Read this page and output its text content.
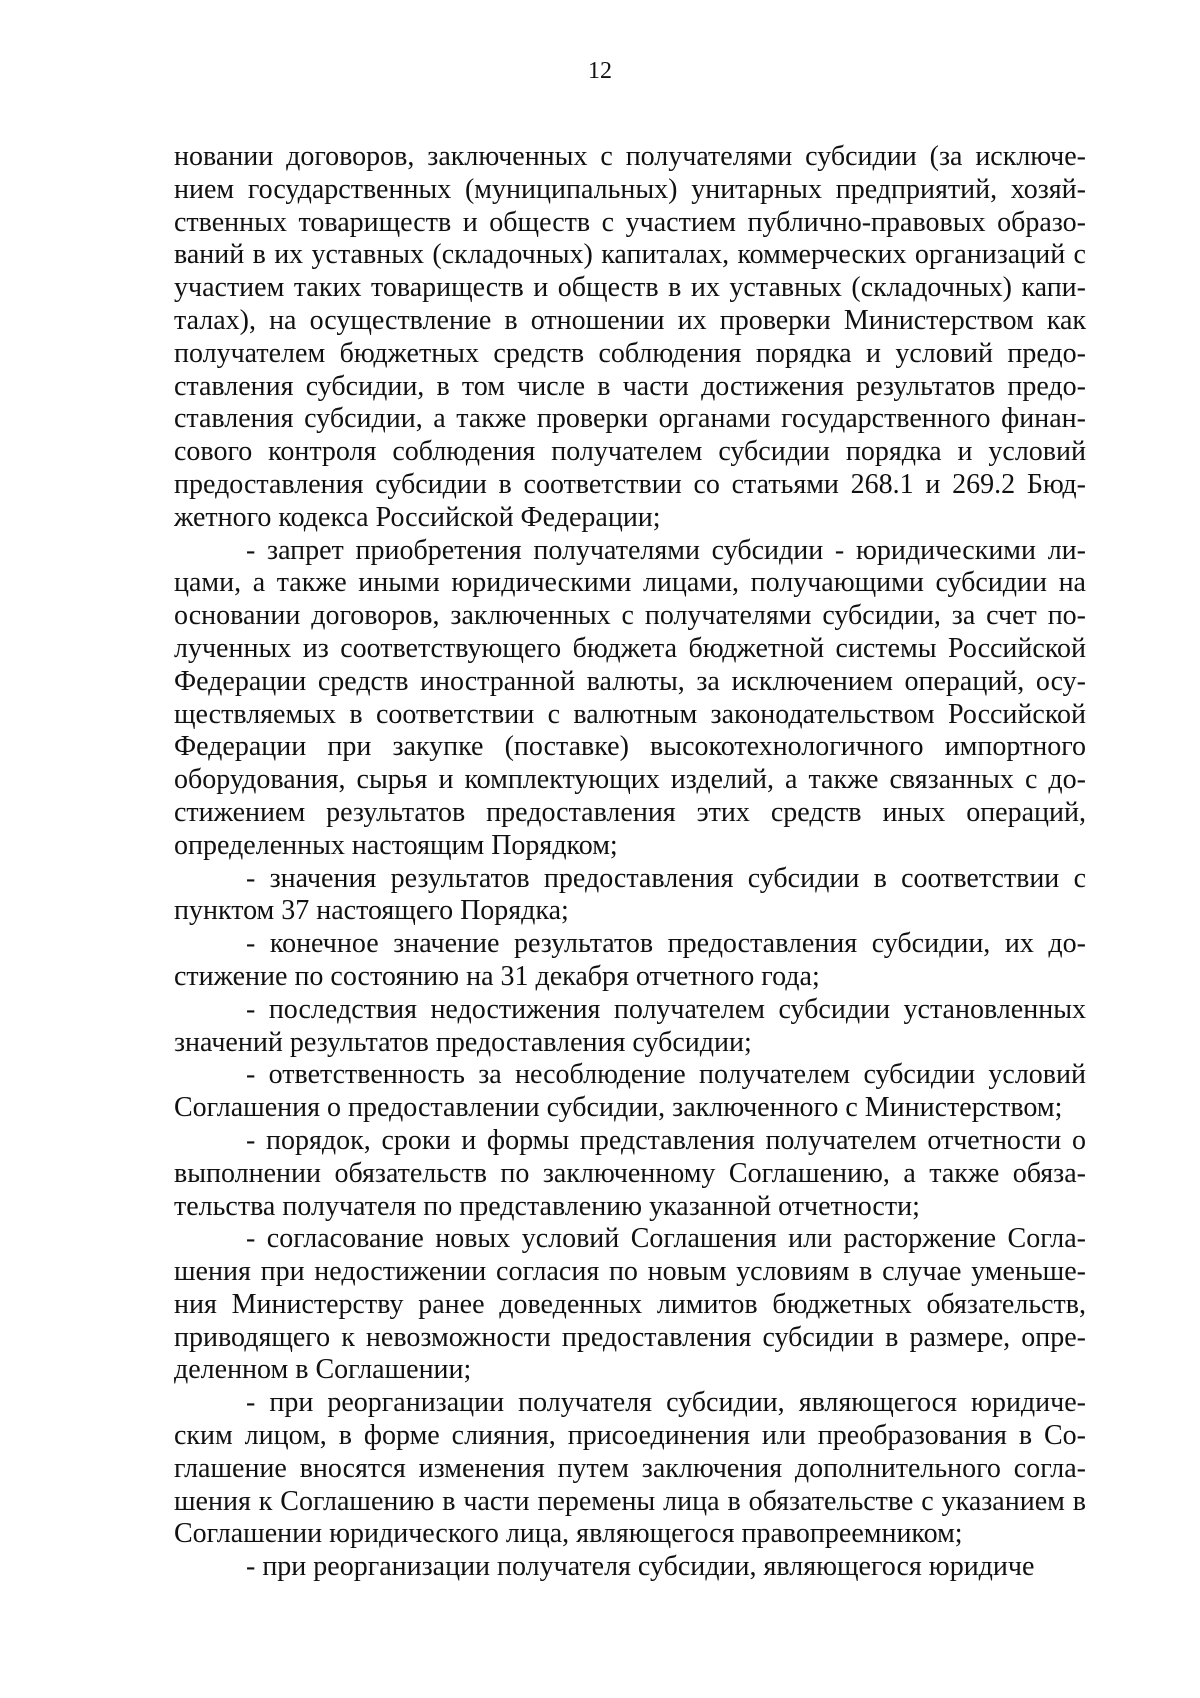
12

новании договоров, заключенных с получателями субсидии (за исключением государственных (муниципальных) унитарных предприятий, хозяйственных товариществ и обществ с участием публично-правовых образований в их уставных (складочных) капиталах, коммерческих организаций с участием таких товариществ и обществ в их уставных (складочных) капиталах), на осуществление в отношении их проверки Министерством как получателем бюджетных средств соблюдения порядка и условий предоставления субсидии, в том числе в части достижения результатов предоставления субсидии, а также проверки органами государственного финансового контроля соблюдения получателем субсидии порядка и условий предоставления субсидии в соответствии со статьями 268.1 и 269.2 Бюджетного кодекса Российской Федерации;

- запрет приобретения получателями субсидии - юридическими лицами, а также иными юридическими лицами, получающими субсидии на основании договоров, заключенных с получателями субсидии, за счет полученных из соответствующего бюджета бюджетной системы Российской Федерации средств иностранной валюты, за исключением операций, осуществляемых в соответствии с валютным законодательством Российской Федерации при закупке (поставке) высокотехнологичного импортного оборудования, сырья и комплектующих изделий, а также связанных с достижением результатов предоставления этих средств иных операций, определенных настоящим Порядком;

- значения результатов предоставления субсидии в соответствии с пунктом 37 настоящего Порядка;

- конечное значение результатов предоставления субсидии, их достижение по состоянию на 31 декабря отчетного года;

- последствия недостижения получателем субсидии установленных значений результатов предоставления субсидии;

- ответственность за несоблюдение получателем субсидии условий Соглашения о предоставлении субсидии, заключенного с Министерством;

- порядок, сроки и формы представления получателем отчетности о выполнении обязательств по заключенному Соглашению, а также обязательства получателя по представлению указанной отчетности;

- согласование новых условий Соглашения или расторжение Соглашения при недостижении согласия по новым условиям в случае уменьшения Министерству ранее доведенных лимитов бюджетных обязательств, приводящего к невозможности предоставления субсидии в размере, определенном в Соглашении;

- при реорганизации получателя субсидии, являющегося юридическим лицом, в форме слияния, присоединения или преобразования в Соглашение вносятся изменения путем заключения дополнительного соглашения к Соглашению в части перемены лица в обязательстве с указанием в Соглашении юридического лица, являющегося правопреемником;

- при реорганизации получателя субсидии, являющегося юридиче
